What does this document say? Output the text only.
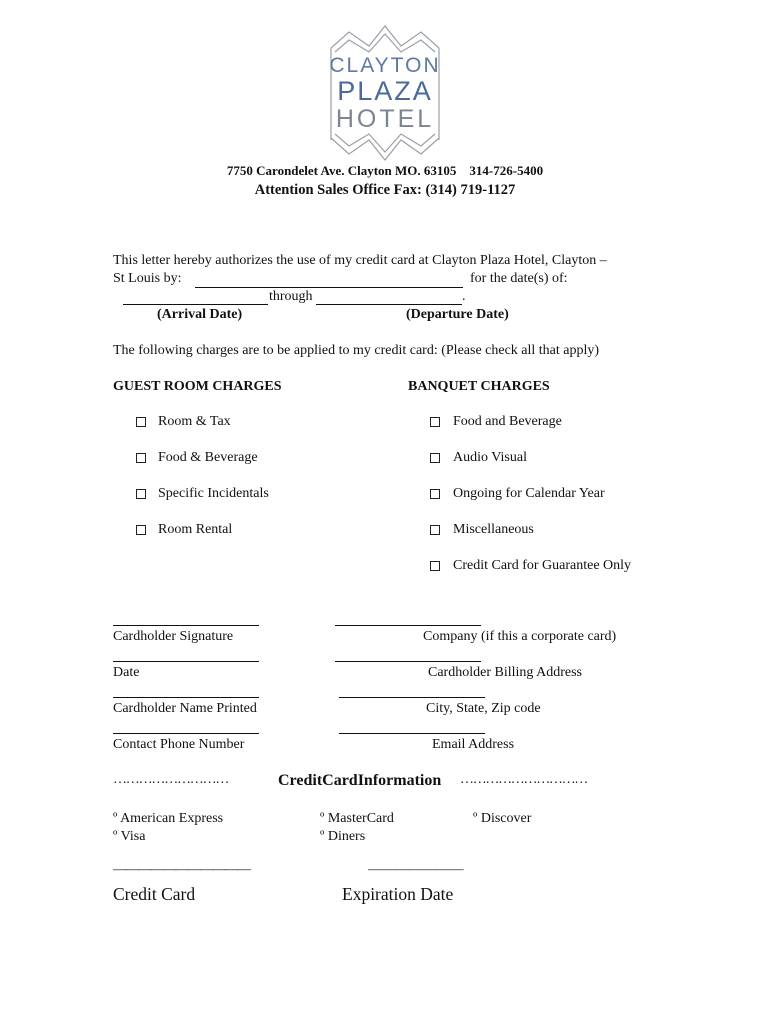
CLAYTON
PLAZA
HOTEL
7750 Carondelet Ave. Clayton MO. 63105    314-726-5400
Attention Sales Office Fax: (314) 719-1127
This letter hereby authorizes the use of my credit card at Clayton Plaza Hotel, Clayton –
St Louis by:	for the date(s) of:
through	.
(Arrival Date)	(Departure Date)
The following charges are to be applied to my credit card: (Please check all that apply)
GUEST ROOM CHARGES
Room & Tax
Food & Beverage
Specific Incidentals
Room Rental
BANQUET CHARGES
Food and Beverage
Audio Visual
Ongoing for Calendar Year
Miscellaneous
Credit Card for Guarantee Only
Cardholder Signature	Company (if this a corporate card)
Date	Cardholder Billing Address
Cardholder Name Printed	City, State, Zip code
Contact Phone Number	Email Address
………………………	CreditCardInformation …………………………
º American Express	º MasterCard	º Discover
º Visa	º Diners
———————————	———————
Credit Card	Expiration Date
